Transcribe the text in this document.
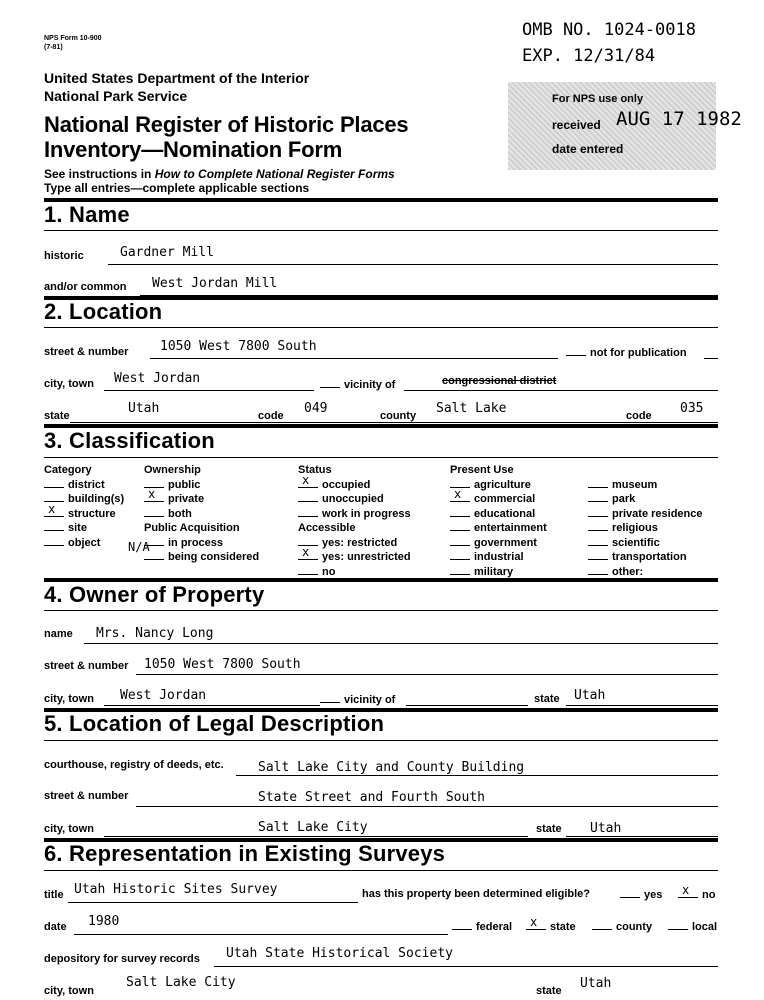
NPS Form 10-900
(7-81)
OMB NO. 1024-0018
EXP. 12/31/84
United States Department of the Interior
National Park Service
National Register of Historic Places
Inventory—Nomination Form
See instructions in How to Complete National Register Forms
Type all entries—complete applicable sections
For NPS use only
received AUG 17 1982
date entered
1. Name
historic	Gardner Mill
and/or common West Jordan Mill
2. Location
street & number 1050 West 7800 South	not for publication
city, town West Jordan	vicinity of	congressional district
state	Utah	code 049	county Salt Lake	code 035
3. Classification
Category
district
building(s)
x structure
site
object
Ownership
public
x private
both
Public Acquisition
in process
being considered
N/A
Status
x occupied
unoccupied
work in progress
Accessible
yes: restricted
x yes: unrestricted
no
Present Use
agriculture
x commercial
educational
entertainment
government
industrial
military
museum
park
private residence
religious
scientific
transportation
other:
4. Owner of Property
name Mrs. Nancy Long
street & number 1050 West 7800 South
city, town West Jordan	vicinity of	state Utah
5. Location of Legal Description
courthouse, registry of deeds, etc.	Salt Lake City and County Building
street & number	State Street and Fourth South
city, town	Salt Lake City	state Utah
6. Representation in Existing Surveys
title Utah Historic Sites Survey	has this property been determined eligible?	yes x no
date 1980	federal x state	county	local
depository for survey records Utah State Historical Society
city, town
Salt Lake City
state Utah
